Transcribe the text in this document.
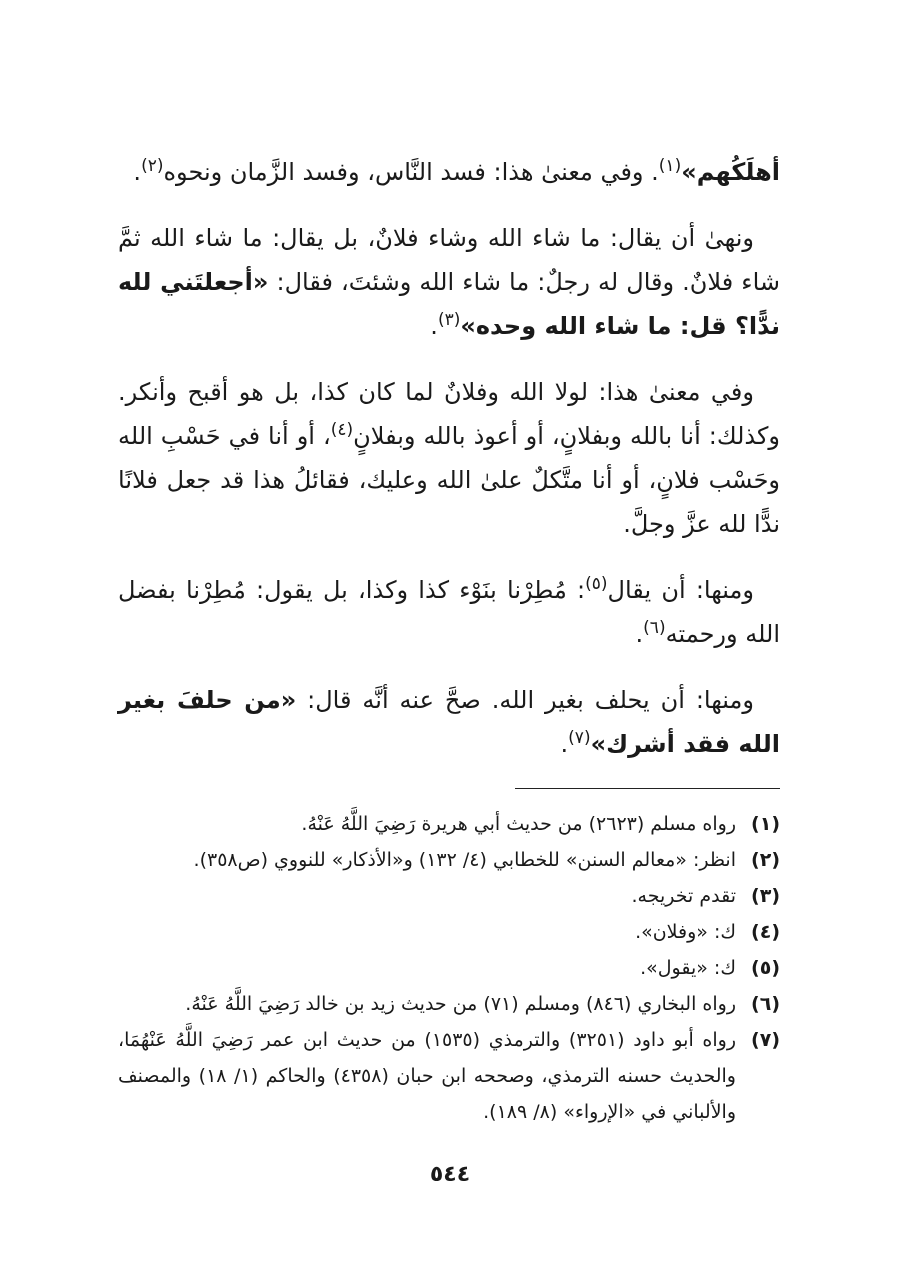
أهلَكُهم»$^{(١)}$. وفي معنىٰ هذا: فسد النَّاس، وفسد الزَّمان ونحوه$^{(٢)}$.

ونهىٰ أن يقال: ما شاء الله وشاء فلانٌ، بل يقال: ما شاء الله ثمَّ شاء فلانٌ. وقال له رجلٌ: ما شاء الله وشئتَ، فقال: «أجعلتَني لله ندًّا؟ قل: ما شاء الله وحده»$^{(٣)}$.

وفي معنىٰ هذا: لولا الله وفلانٌ لما كان كذا، بل هو أقبح وأنكر. وكذلك: أنا بالله وبفلانٍ، أو أعوذ بالله وبفلانٍ$^{(٤)}$، أو أنا في حَسْبِ الله وحَسْب فلانٍ، أو أنا متَّكلٌ علىٰ الله وعليك، فقائلُ هذا قد جعل فلانًا ندًّا لله عزَّ وجلَّ.

ومنها: أن يقال$^{(٥)}$: مُطِرْنا بنَوْء كذا وكذا، بل يقول: مُطِرْنا بفضل الله ورحمته$^{(٦)}$.

ومنها: أن يحلف بغير الله. صحَّ عنه أنَّه قال: «من حلفَ بغير الله فقد أشرك»$^{(٧)}$.

(١)
رواه مسلم (٢٦٢٣) من حديث أبي هريرة رَضِيَ اللَّهُ عَنْهُ.
(٢)
انظر: «معالم السنن» للخطابي (٤/ ١٣٢) و«الأذكار» للنووي (ص٣٥٨).
(٣)
تقدم تخريجه.
(٤)
ك: «وفلان».
(٥)
ك: «يقول».
(٦)
رواه البخاري (٨٤٦) ومسلم (٧١) من حديث زيد بن خالد رَضِيَ اللَّهُ عَنْهُ.
(٧)
رواه أبو داود (٣٢٥١) والترمذي (١٥٣٥) من حديث ابن عمر رَضِيَ اللَّهُ عَنْهُمَا، والحديث حسنه الترمذي، وصححه ابن حبان (٤٣٥٨) والحاكم (١/ ١٨) والمصنف والألباني في «الإرواء» (٨/ ١٨٩).
٥٤٤
